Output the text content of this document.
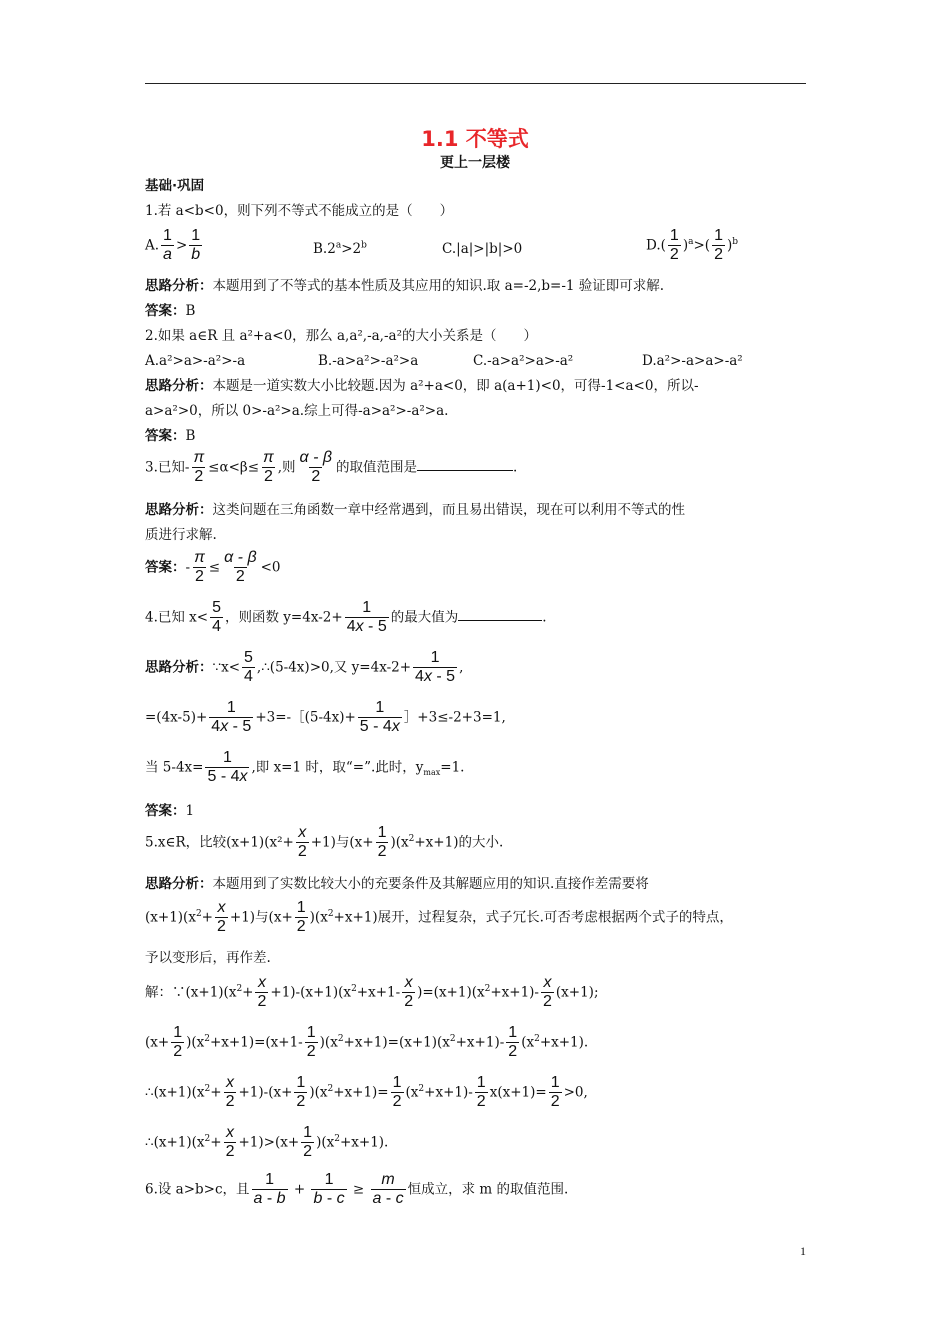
1.1 不等式
更上一层楼
基础·巩固
1.若 a<b<0，则下列不等式不能成立的是（　　）
A. $\frac{1}{a} > \frac{1}{b}$	$B.2^a>2^b$	C.|a|>|b|>0	$D.( \frac{1}{2} )^a>( \frac{1}{2} )^b$
思路分析：本题用到了不等式的基本性质及其应用的知识.取 a=-2,b=-1 验证即可求解.
答案：B
2.如果 a∈R 且 a²+a<0，那么 a,a²,-a,-a²的大小关系是（　　）
A.a²>a>-a²>-a	B.-a>a²>-a²>a	C.-a>a²>a>-a²	D.a²>-a>a>-a²
思路分析：本题是一道实数大小比较题.因为 a²+a<0，即 a(a+1)<0，可得-1<a<0，所以-
a>a²>0，所以 0>-a²>a.综上可得-a>a²>-a²>a.
答案：B
3.已知- $\frac{\pi}{2} \le\alpha<\beta\le \frac{\pi}{2}$ ,则 $\frac{\alpha - \beta}{2}$ 的取值范围是	.
思路分析：这类问题在三角函数一章中经常遇到，而且易出错误，现在可以利用不等式的性
质进行求解.
答案：- $\frac{\pi}{2} \le \frac{\alpha - \beta}{2} <0$
4.已知 $x< \frac{5}{4}$ ，则函数 $y=4x-2+ \frac{1}{4x - 5}$ 的最大值为	.
思路分析：∵x< $\frac{5}{4}$ ,∴(5-4x)>0,又 $y=4x-2+ \frac{1}{4x - 5}$ ,
$=(4x-5)+ \frac{1}{4x - 5}$ +3=-［(5-4x)+ $\frac{1}{5 - 4x}$ ］+3≤-2+3=1,
当 $5-4x= \frac{1}{5 - 4x}$ ,即 x=1 时，取“=”.此时，$y_{max}=1$.
答案：1
5.x∈R，比较$(x+1)(x^2+ \frac{x}{2} +1)$与$(x+ \frac{1}{2} )(x^2+x+1)$的大小.
思路分析：本题用到了实数比较大小的充要条件及其解题应用的知识.直接作差需要将
$(x+1)(x^2+ \frac{x}{2} +1)$与$(x+ \frac{1}{2} )(x^2+x+1)$展开，过程复杂，式子冗长.可否考虑根据两个式子的特点，
予以变形后，再作差.
解：$\because(x+1)(x^2+ \frac{x}{2} +1)-(x+1)(x^2+x+1- \frac{x}{2} )=(x+1)(x^2+x+1)- \frac{x}{2} (x+1)$;
$(x+ \frac{1}{2} )(x^2+x+1)=(x+1- \frac{1}{2} )(x^2+x+1)=(x+1)(x^2+x+1)- \frac{1}{2} (x^2+x+1)$.
$\therefore(x+1)(x^2+ \frac{x}{2} +1)-(x+ \frac{1}{2} )(x^2+x+1)= \frac{1}{2} (x^2+x+1)- \frac{1}{2} x(x+1)= \frac{1}{2} >0$,
$\therefore(x+1)(x^2+ \frac{x}{2} +1)>(x+ \frac{1}{2} )(x^2+x+1)$.
6.设 a>b>c，且 $\frac{1}{a - b} + \frac{1}{b - c} \ge \frac{m}{a - c}$ 恒成立，求 m 的取值范围.
1
